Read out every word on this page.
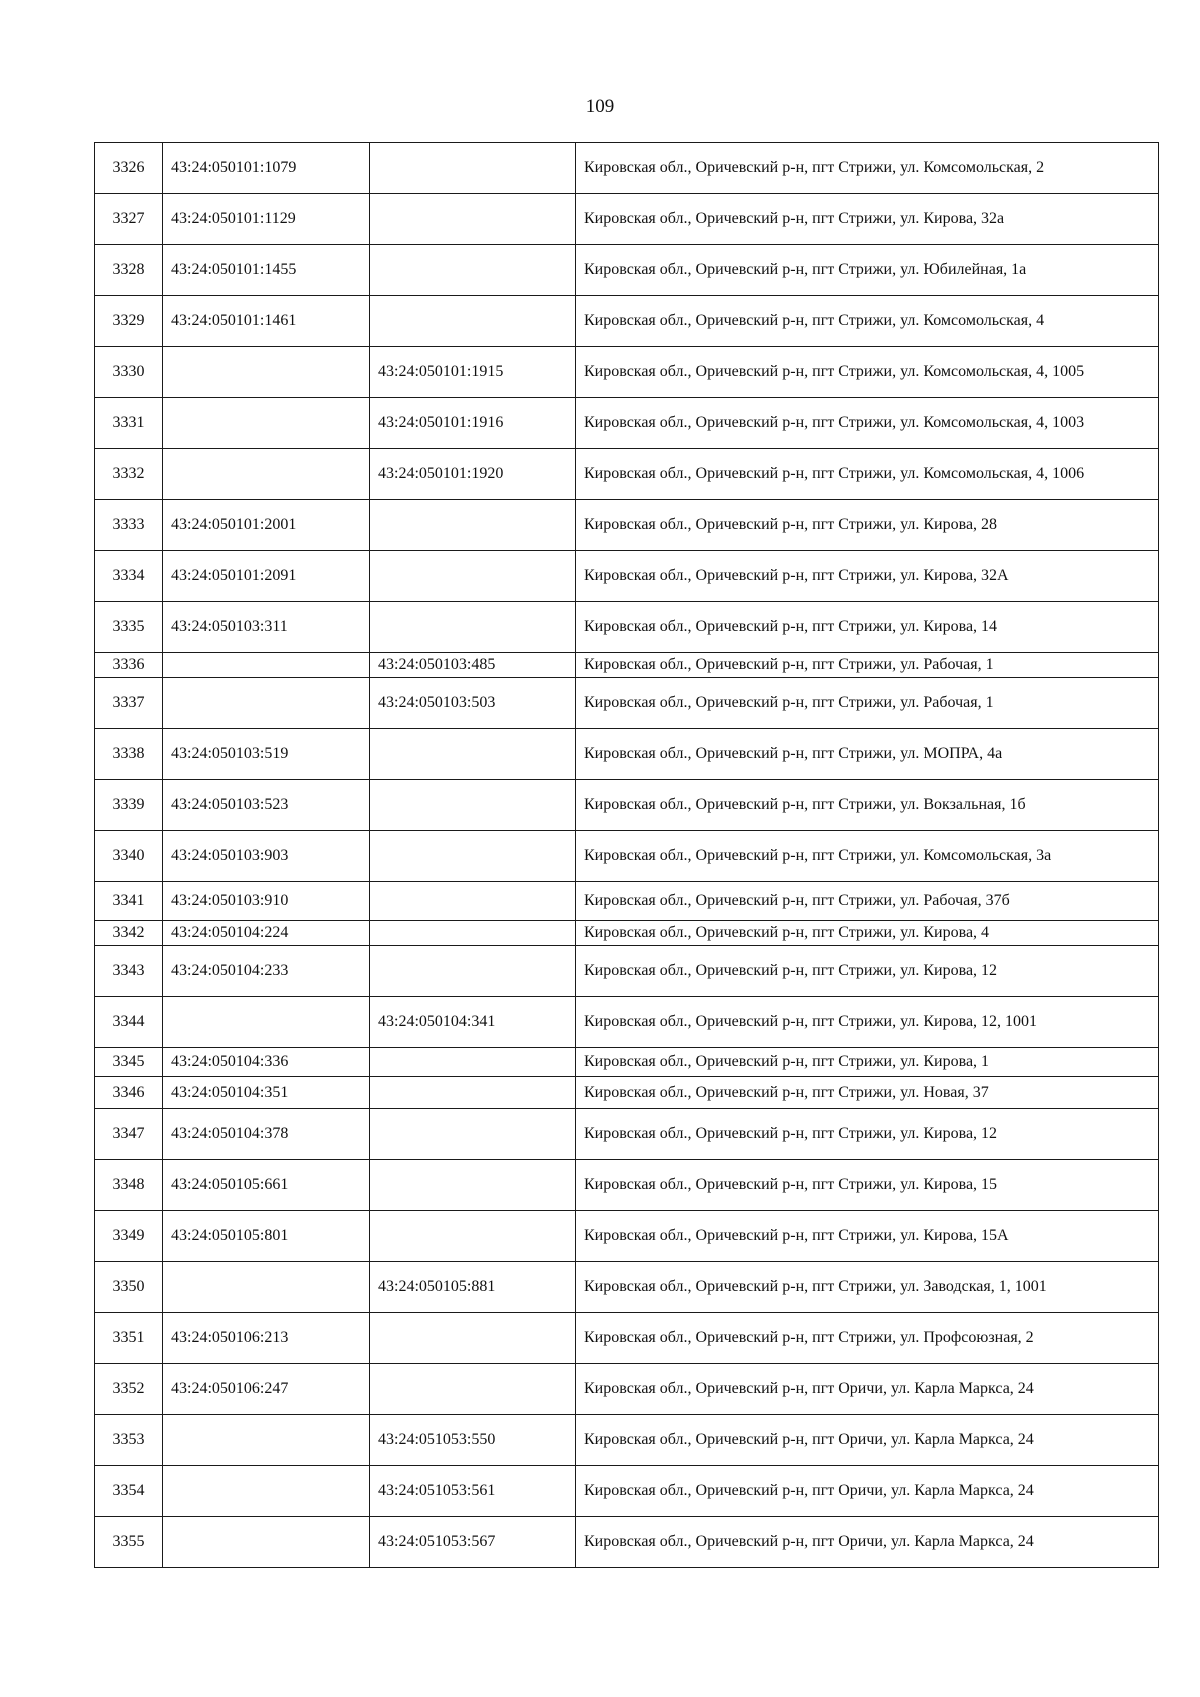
109
3326	43:24:050101:1079		Кировская обл., Оричевский р-н, пгт Стрижи, ул. Комсомольская, 2
3327	43:24:050101:1129		Кировская обл., Оричевский р-н, пгт Стрижи, ул. Кирова, 32а
3328	43:24:050101:1455		Кировская обл., Оричевский р-н, пгт Стрижи, ул. Юбилейная, 1а
3329	43:24:050101:1461		Кировская обл., Оричевский р-н, пгт Стрижи, ул. Комсомольская, 4
3330		43:24:050101:1915	Кировская обл., Оричевский р-н, пгт Стрижи, ул. Комсомольская, 4, 1005
3331		43:24:050101:1916	Кировская обл., Оричевский р-н, пгт Стрижи, ул. Комсомольская, 4, 1003
3332		43:24:050101:1920	Кировская обл., Оричевский р-н, пгт Стрижи, ул. Комсомольская, 4, 1006
3333	43:24:050101:2001		Кировская обл., Оричевский р-н, пгт Стрижи, ул. Кирова, 28
3334	43:24:050101:2091		Кировская обл., Оричевский р-н, пгт Стрижи, ул. Кирова, 32А
3335	43:24:050103:311		Кировская обл., Оричевский р-н, пгт Стрижи, ул. Кирова, 14
3336		43:24:050103:485	Кировская обл., Оричевский р-н, пгт Стрижи, ул. Рабочая, 1
3337		43:24:050103:503	Кировская обл., Оричевский р-н, пгт Стрижи, ул. Рабочая, 1
3338	43:24:050103:519		Кировская обл., Оричевский р-н, пгт Стрижи, ул. МОПРА, 4а
3339	43:24:050103:523		Кировская обл., Оричевский р-н, пгт Стрижи, ул. Вокзальная, 1б
3340	43:24:050103:903		Кировская обл., Оричевский р-н, пгт Стрижи, ул. Комсомольская, 3а
3341	43:24:050103:910		Кировская обл., Оричевский р-н, пгт Стрижи, ул. Рабочая, 37б
3342	43:24:050104:224		Кировская обл., Оричевский р-н, пгт Стрижи, ул. Кирова, 4
3343	43:24:050104:233		Кировская обл., Оричевский р-н, пгт Стрижи, ул. Кирова, 12
3344		43:24:050104:341	Кировская обл., Оричевский р-н, пгт Стрижи, ул. Кирова, 12, 1001
3345	43:24:050104:336		Кировская обл., Оричевский р-н, пгт Стрижи, ул. Кирова, 1
3346	43:24:050104:351		Кировская обл., Оричевский р-н, пгт Стрижи, ул. Новая, 37
3347	43:24:050104:378		Кировская обл., Оричевский р-н, пгт Стрижи, ул. Кирова, 12
3348	43:24:050105:661		Кировская обл., Оричевский р-н, пгт Стрижи, ул. Кирова, 15
3349	43:24:050105:801		Кировская обл., Оричевский р-н, пгт Стрижи, ул. Кирова, 15А
3350		43:24:050105:881	Кировская обл., Оричевский р-н, пгт Стрижи, ул. Заводская, 1, 1001
3351	43:24:050106:213		Кировская обл., Оричевский р-н, пгт Стрижи, ул. Профсоюзная, 2
3352	43:24:050106:247		Кировская обл., Оричевский р-н, пгт Оричи, ул. Карла Маркса, 24
3353		43:24:051053:550	Кировская обл., Оричевский р-н, пгт Оричи, ул. Карла Маркса, 24
3354		43:24:051053:561	Кировская обл., Оричевский р-н, пгт Оричи, ул. Карла Маркса, 24
3355		43:24:051053:567	Кировская обл., Оричевский р-н, пгт Оричи, ул. Карла Маркса, 24
